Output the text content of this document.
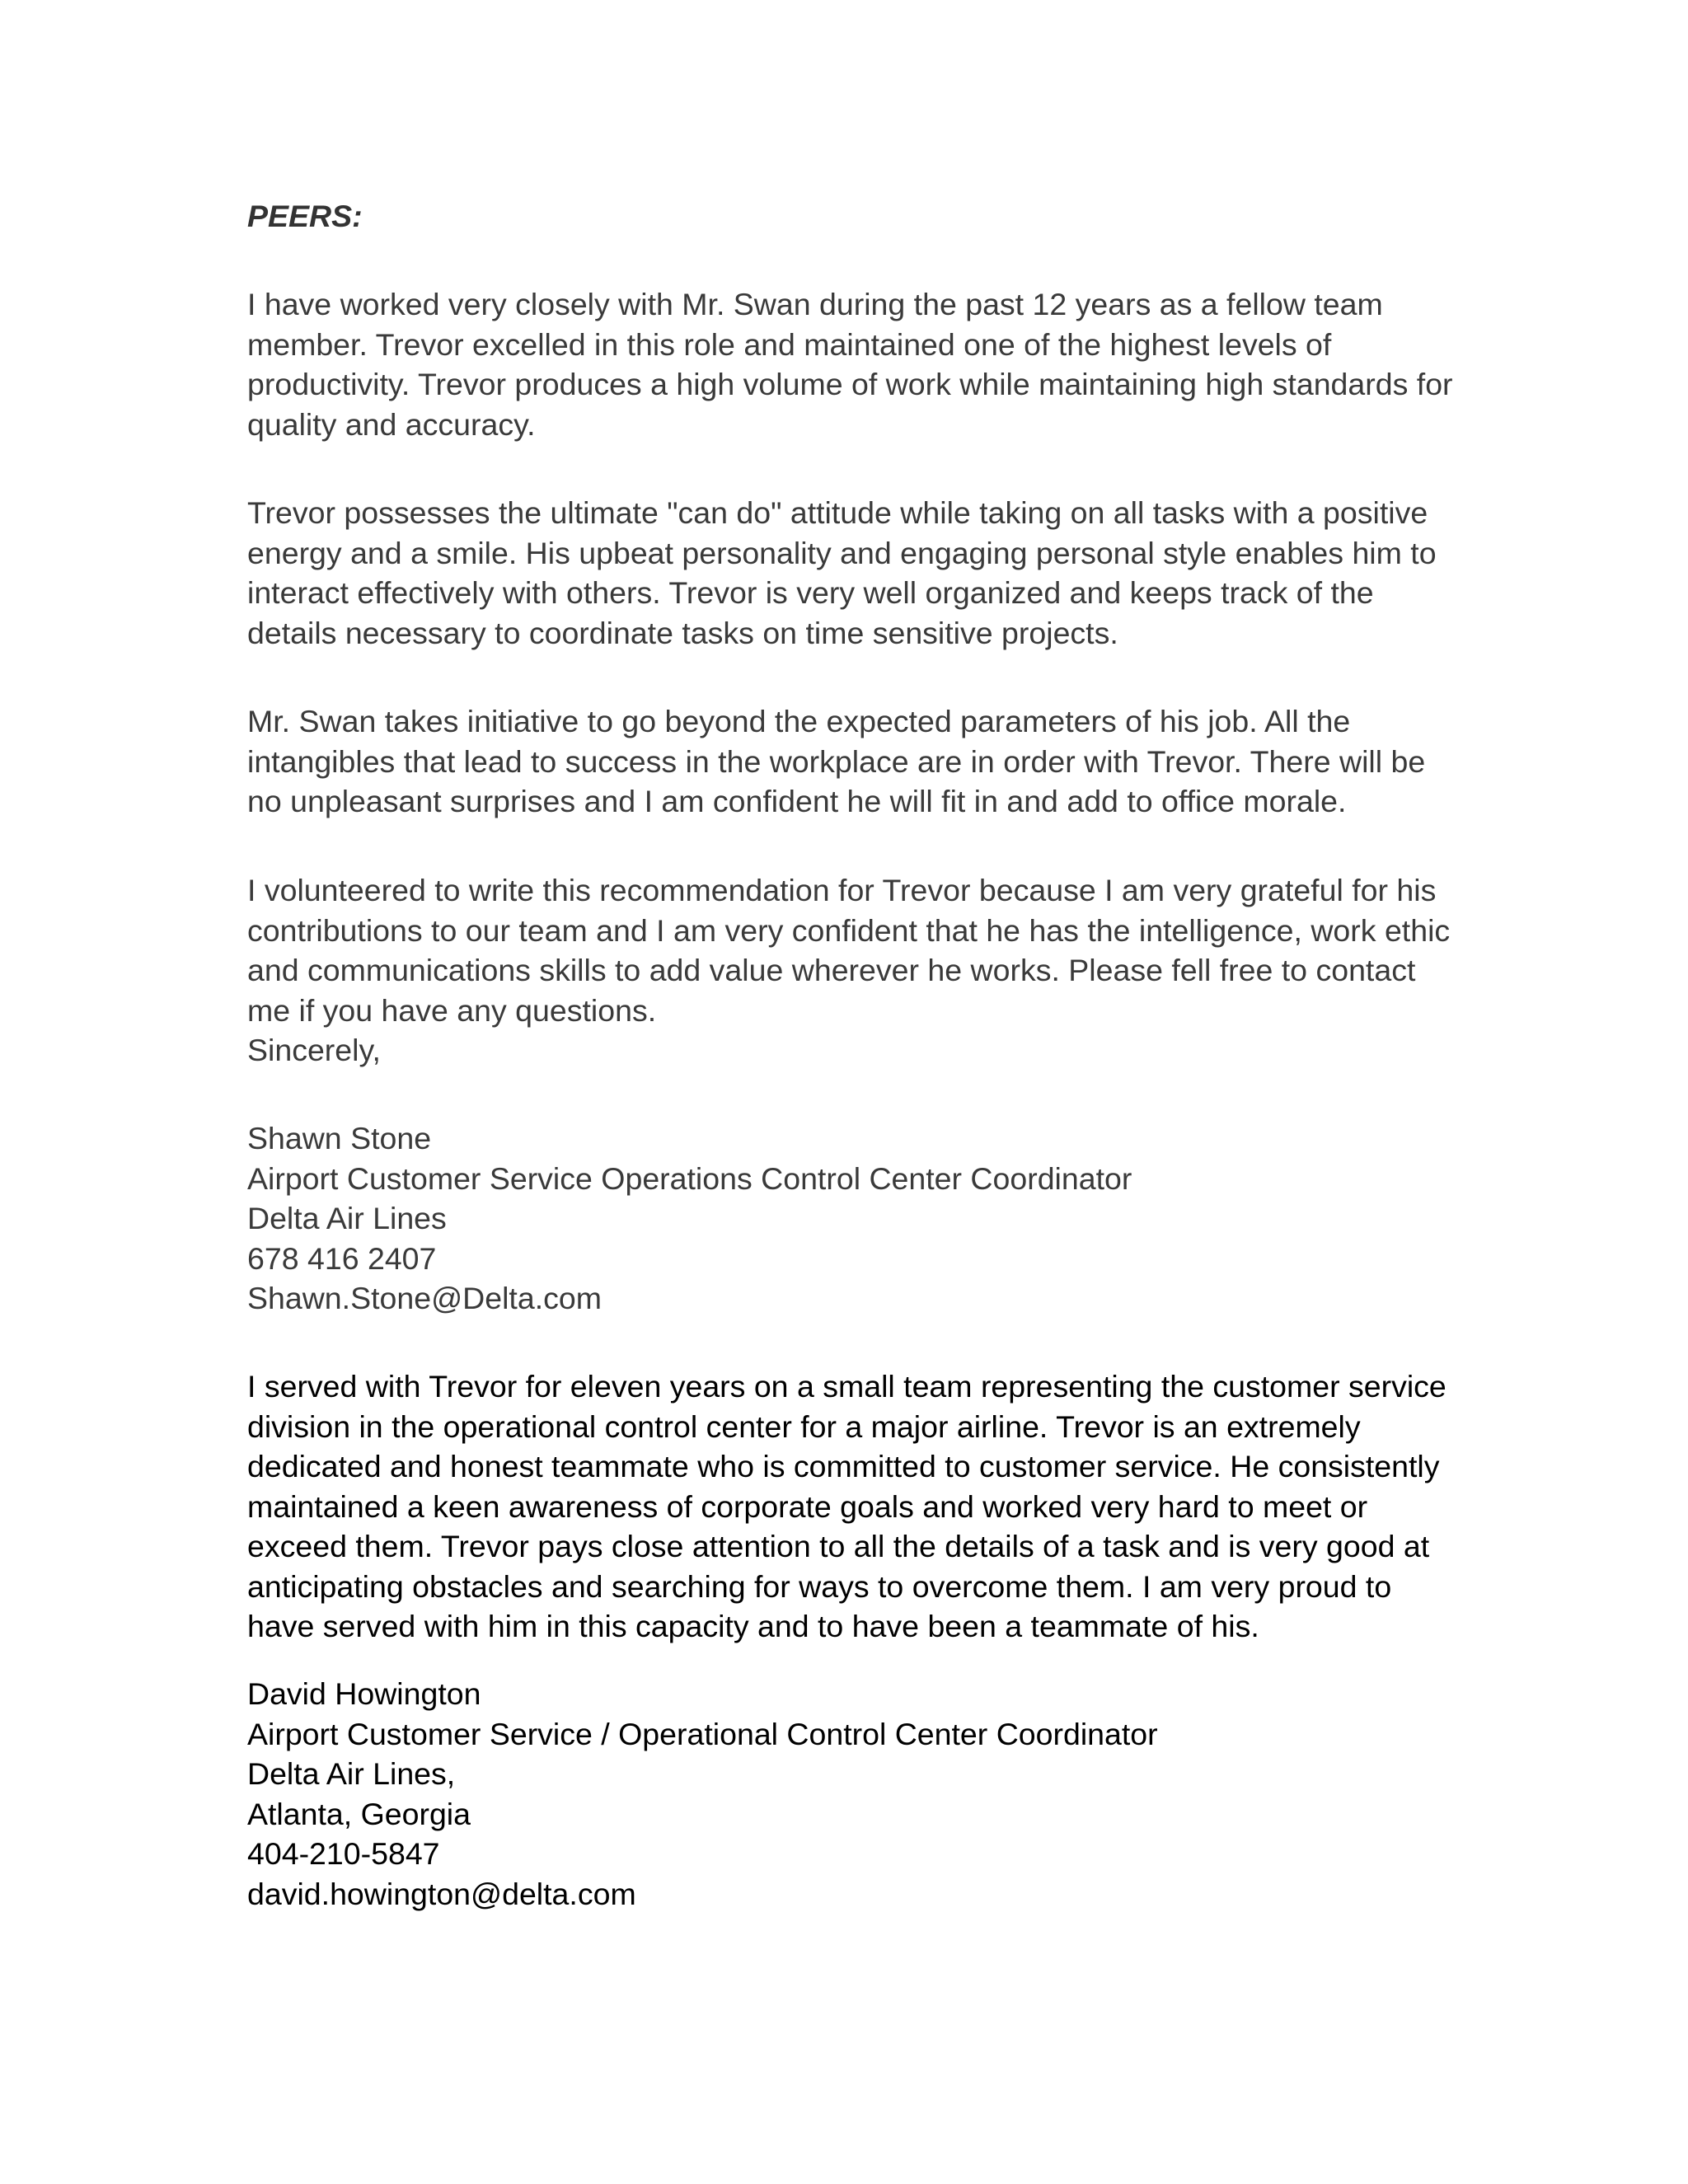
PEERS:

I have worked very closely with Mr. Swan during the past 12 years as a fellow team
member. Trevor excelled in this role and maintained one of the highest levels of
productivity. Trevor produces a high volume of work while maintaining high standards for
quality and accuracy.

Trevor possesses the ultimate "can do" attitude while taking on all tasks with a positive
energy and a smile. His upbeat personality and engaging personal style enables him to
interact effectively with others. Trevor is very well organized and keeps track of the
details necessary to coordinate tasks on time sensitive projects.

Mr. Swan takes initiative to go beyond the expected parameters of his job. All the
intangibles that lead to success in the workplace are in order with Trevor. There will be
no unpleasant surprises and I am confident he will fit in and add to office morale.

I volunteered to write this recommendation for Trevor because I am very grateful for his
contributions to our team and I am very confident that he has the intelligence, work ethic
and communications skills to add value wherever he works. Please fell free to contact
me if you have any questions.
Sincerely,

Shawn Stone
Airport Customer Service Operations Control Center Coordinator
Delta Air Lines
678 416 2407
Shawn.Stone@Delta.com

I served with Trevor for eleven years on a small team representing the customer service
division in the operational control center for a major airline. Trevor is an extremely
dedicated and honest teammate who is committed to customer service. He consistently
maintained a keen awareness of corporate goals and worked very hard to meet or
exceed them. Trevor pays close attention to all the details of a task and is very good at
anticipating obstacles and searching for ways to overcome them. I am very proud to
have served with him in this capacity and to have been a teammate of his.

David Howington
Airport Customer Service / Operational Control Center Coordinator
Delta Air Lines,
Atlanta, Georgia
404-210-5847
david.howington@delta.com
